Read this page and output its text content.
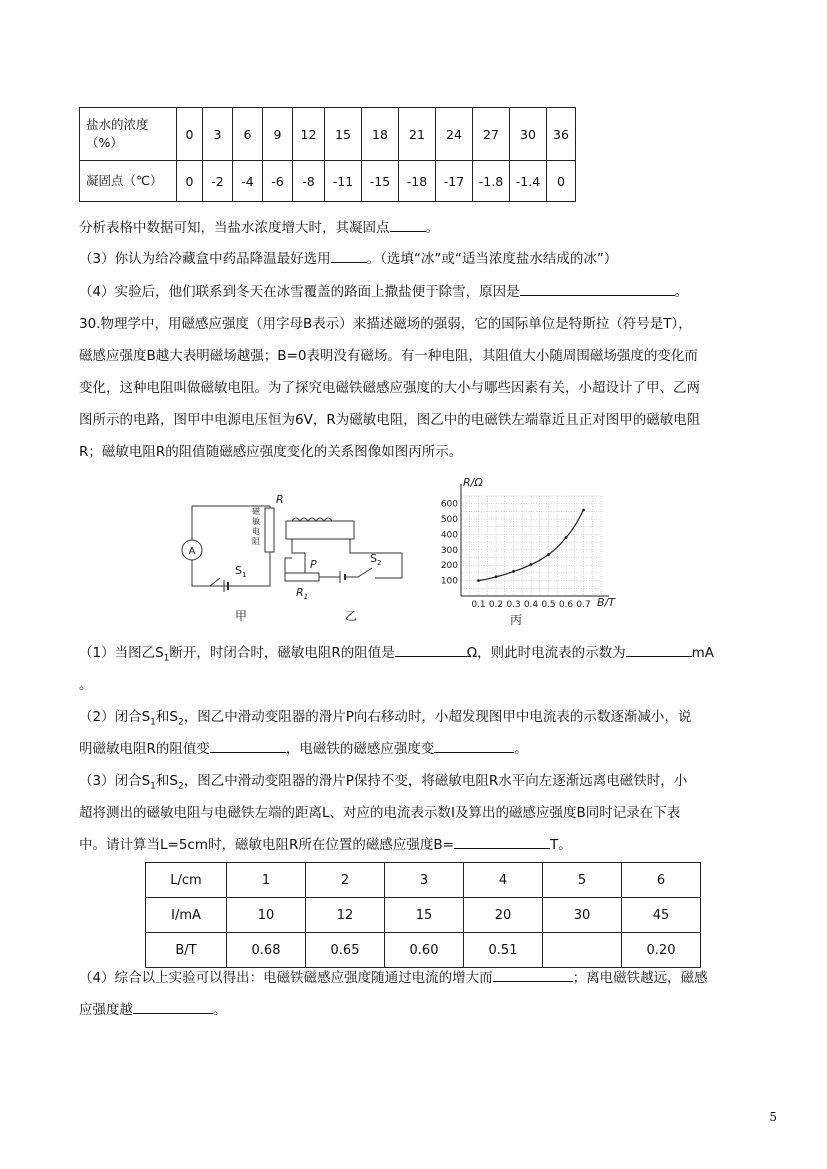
盐水的浓度（%）	0	3	6	9	12	15	18	21	24	27	30	36
凝固点（℃）	0	-2	-4	-6	-8	-11	-15	-18	-17	-1.8	-1.4	0
分析表格中数据可知，当盐水浓度增大时，其凝固点	。
（3）你认为给冷藏盒中药品降温最好选用	。（选填“冰”或“适当浓度盐水结成的冰”）
（4）实验后，他们联系到冬天在冰雪覆盖的路面上撒盐便于除雪，原因是	。
30.物理学中，用磁感应强度（用字母B表示）来描述磁场的强弱，它的国际单位是特斯拉（符号是T），
磁感应强度B越大表明磁场越强；B=0表明没有磁场。有一种电阻，其阻值大小随周围磁场强度的变化而
变化，这种电阻叫做磁敏电阻。为了探究电磁铁磁感应强度的大小与哪些因素有关，小超设计了甲、乙两
图所示的电路，图甲中电源电压恒为6V，R为磁敏电阻，图乙中的电磁铁左端靠近且正对图甲的磁敏电阻
R；磁敏电阻R的阻值随磁感应强度变化的关系图像如图丙所示。
A
R
磁
敏
电
阻
$S_1$
$S_2$
P
$R_1$
甲	乙
100
200
300
400
500
600
0.1 0.2 0.3 0.4 0.5 0.6 0.7
R/Ω
B/T
丙
（1）当图乙$S_1$断开，时闭合时，磁敏电阻R的阻值是	Ω，则此时电流表的示数为	mA
。
（2）闭合$S_1$和$S_2$，图乙中滑动变阻器的滑片P向右移动时，小超发现图甲中电流表的示数逐渐减小，说
明磁敏电阻R的阻值变	，电磁铁的磁感应强度变	。
（3）闭合$S_1$和$S_2$，图乙中滑动变阻器的滑片P保持不变，将磁敏电阻R水平向左逐渐远离电磁铁时，小
超将测出的磁敏电阻与电磁铁左端的距离L、对应的电流表示数I及算出的磁感应强度B同时记录在下表
中。请计算当L=5cm时，磁敏电阻R所在位置的磁感应强度B=	T。
L/cm	1	2	3	4	5	6
I/mA	10	12	15	20	30	45
B/T	0.68	0.65	0.60	0.51		0.20
（4）综合以上实验可以得出：电磁铁磁感应强度随通过电流的增大而	；离电磁铁越远，磁感
应强度越	。
5
